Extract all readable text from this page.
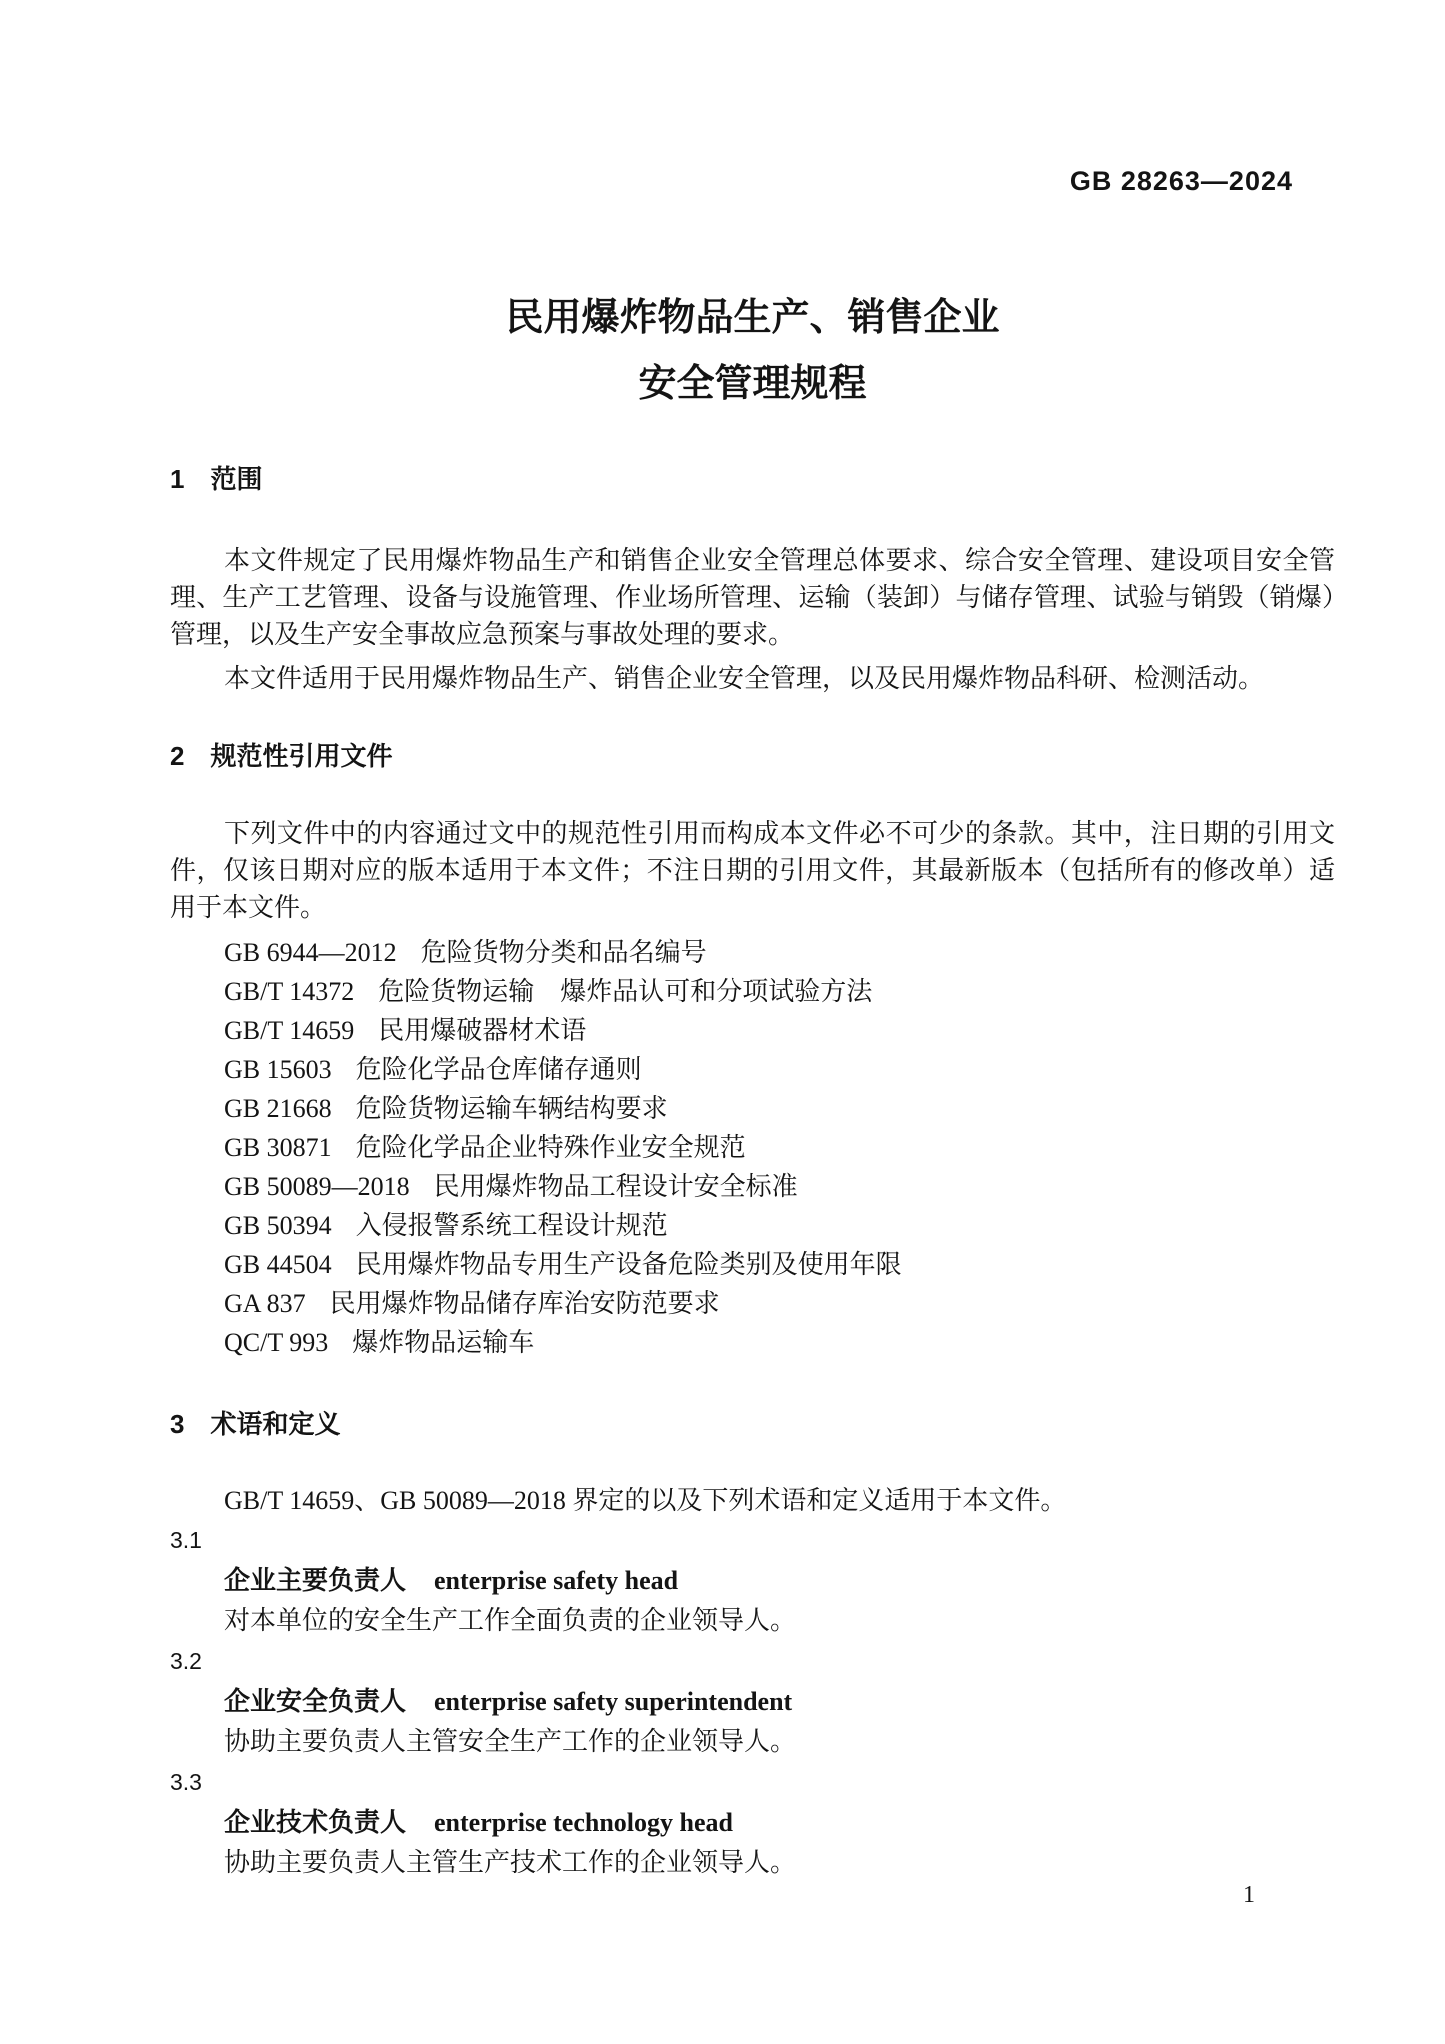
GB 28263—2024
民用爆炸物品生产、销售企业
安全管理规程
1 范围

本文件规定了民用爆炸物品生产和销售企业安全管理总体要求、综合安全管理、建设项目安全管理、生产工艺管理、设备与设施管理、作业场所管理、运输（装卸）与储存管理、试验与销毁（销爆）管理，以及生产安全事故应急预案与事故处理的要求。

本文件适用于民用爆炸物品生产、销售企业安全管理，以及民用爆炸物品科研、检测活动。

2 规范性引用文件

下列文件中的内容通过文中的规范性引用而构成本文件必不可少的条款。其中，注日期的引用文件，仅该日期对应的版本适用于本文件；不注日期的引用文件，其最新版本（包括所有的修改单）适用于本文件。

GB 6944—2012 危险货物分类和品名编号
GB/T 14372 危险货物运输　爆炸品认可和分项试验方法
GB/T 14659 民用爆破器材术语
GB 15603 危险化学品仓库储存通则
GB 21668 危险货物运输车辆结构要求
GB 30871 危险化学品企业特殊作业安全规范
GB 50089—2018 民用爆炸物品工程设计安全标准
GB 50394 入侵报警系统工程设计规范
GB 44504 民用爆炸物品专用生产设备危险类别及使用年限
GA 837 民用爆炸物品储存库治安防范要求
QC/T 993 爆炸物品运输车
3 术语和定义

GB/T 14659、GB 50089—2018 界定的以及下列术语和定义适用于本文件。

3.1
企业主要负责人 enterprise safety head
对本单位的安全生产工作全面负责的企业领导人。
3.2
企业安全负责人 enterprise safety superintendent
协助主要负责人主管安全生产工作的企业领导人。
3.3
企业技术负责人 enterprise technology head
协助主要负责人主管生产技术工作的企业领导人。
1
